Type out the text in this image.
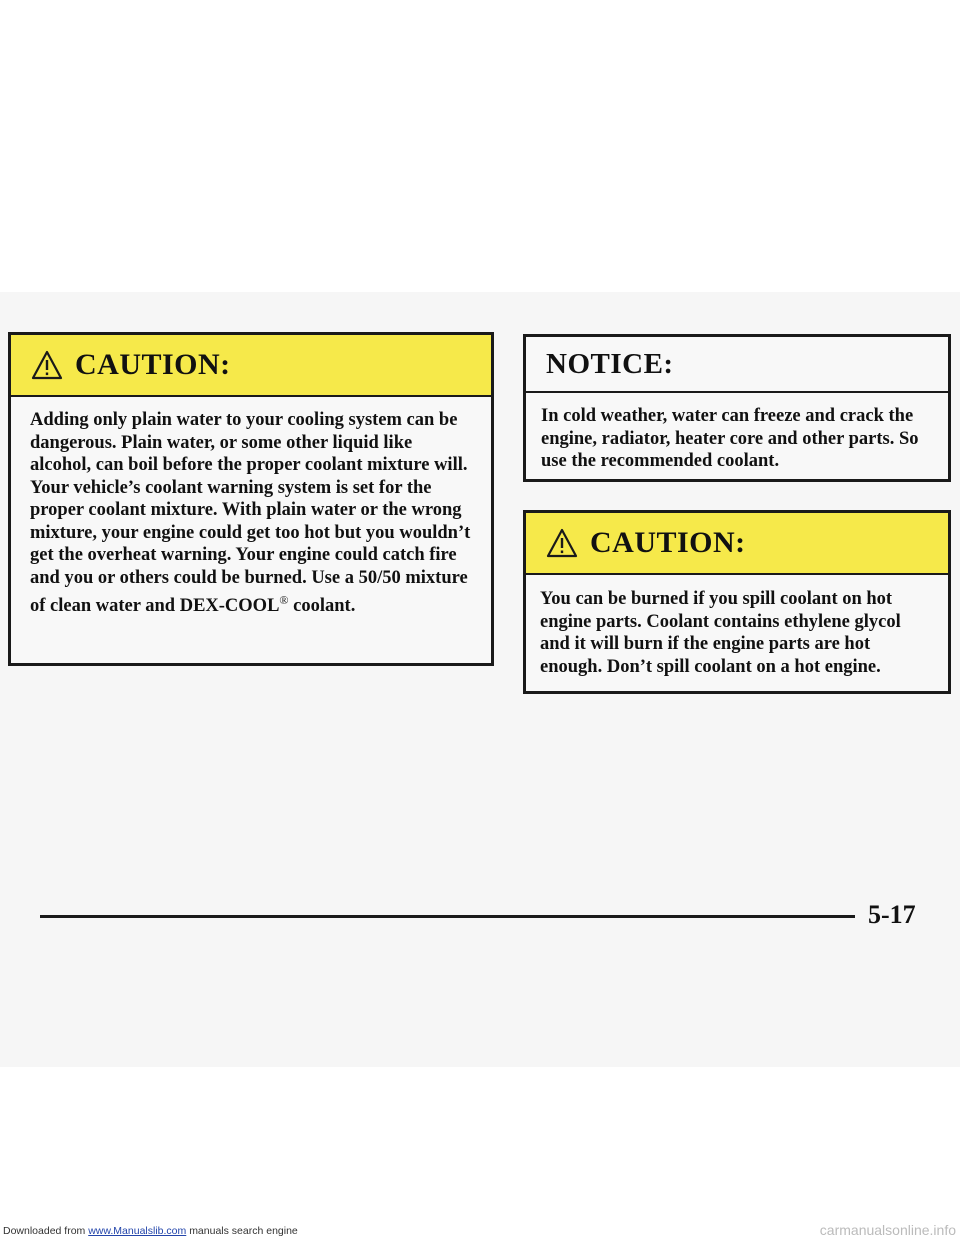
CAUTION:
Adding only plain water to your cooling system can be dangerous. Plain water, or some other liquid like alcohol, can boil before the proper coolant mixture will. Your vehicle’s coolant warning system is set for the proper coolant mixture. With plain water or the wrong mixture, your engine could get too hot but you wouldn’t get the overheat warning. Your engine could catch fire and you or others could be burned. Use a 50/50 mixture of clean water and DEX-COOL® coolant.
NOTICE:
In cold weather, water can freeze and crack the engine, radiator, heater core and other parts. So use the recommended coolant.
CAUTION:
You can be burned if you spill coolant on hot engine parts. Coolant contains ethylene glycol and it will burn if the engine parts are hot enough. Don’t spill coolant on a hot engine.
5-17
Downloaded from www.Manualslib.com manuals search engine	carmanualsonline.info
